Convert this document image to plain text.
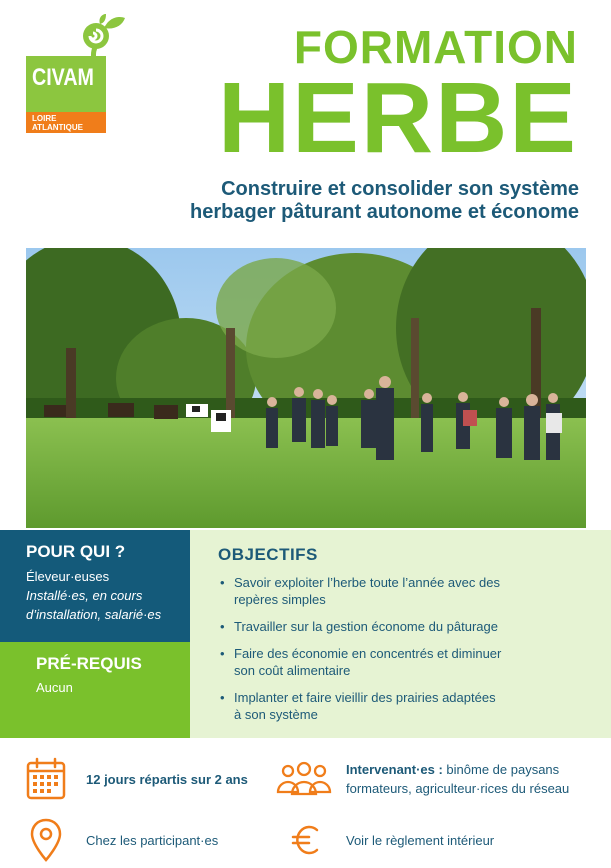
CIVAM
LOIRE ATLANTIQUE
FORMATION
HERBE
Construire et consolider son système
herbager pâturant autonome et économe
POUR QUI ?
Éleveur·euses
Installé·es, en cours
d’installation, salarié·es
PRÉ-REQUIS
Aucun
OBJECTIFS
• Savoir exploiter l’herbe toute l’année avec des
repères simples
• Travailler sur la gestion économe du pâturage
• Faire des économie en concentrés et diminuer
son coût alimentaire
• Implanter et faire vieillir des prairies adaptées
à son système
12 jours répartis sur 2 ans
Intervenant·es : binôme de paysans
formateurs, agriculteur·rices du réseau
Chez les participant·es	Voir le règlement intérieur
